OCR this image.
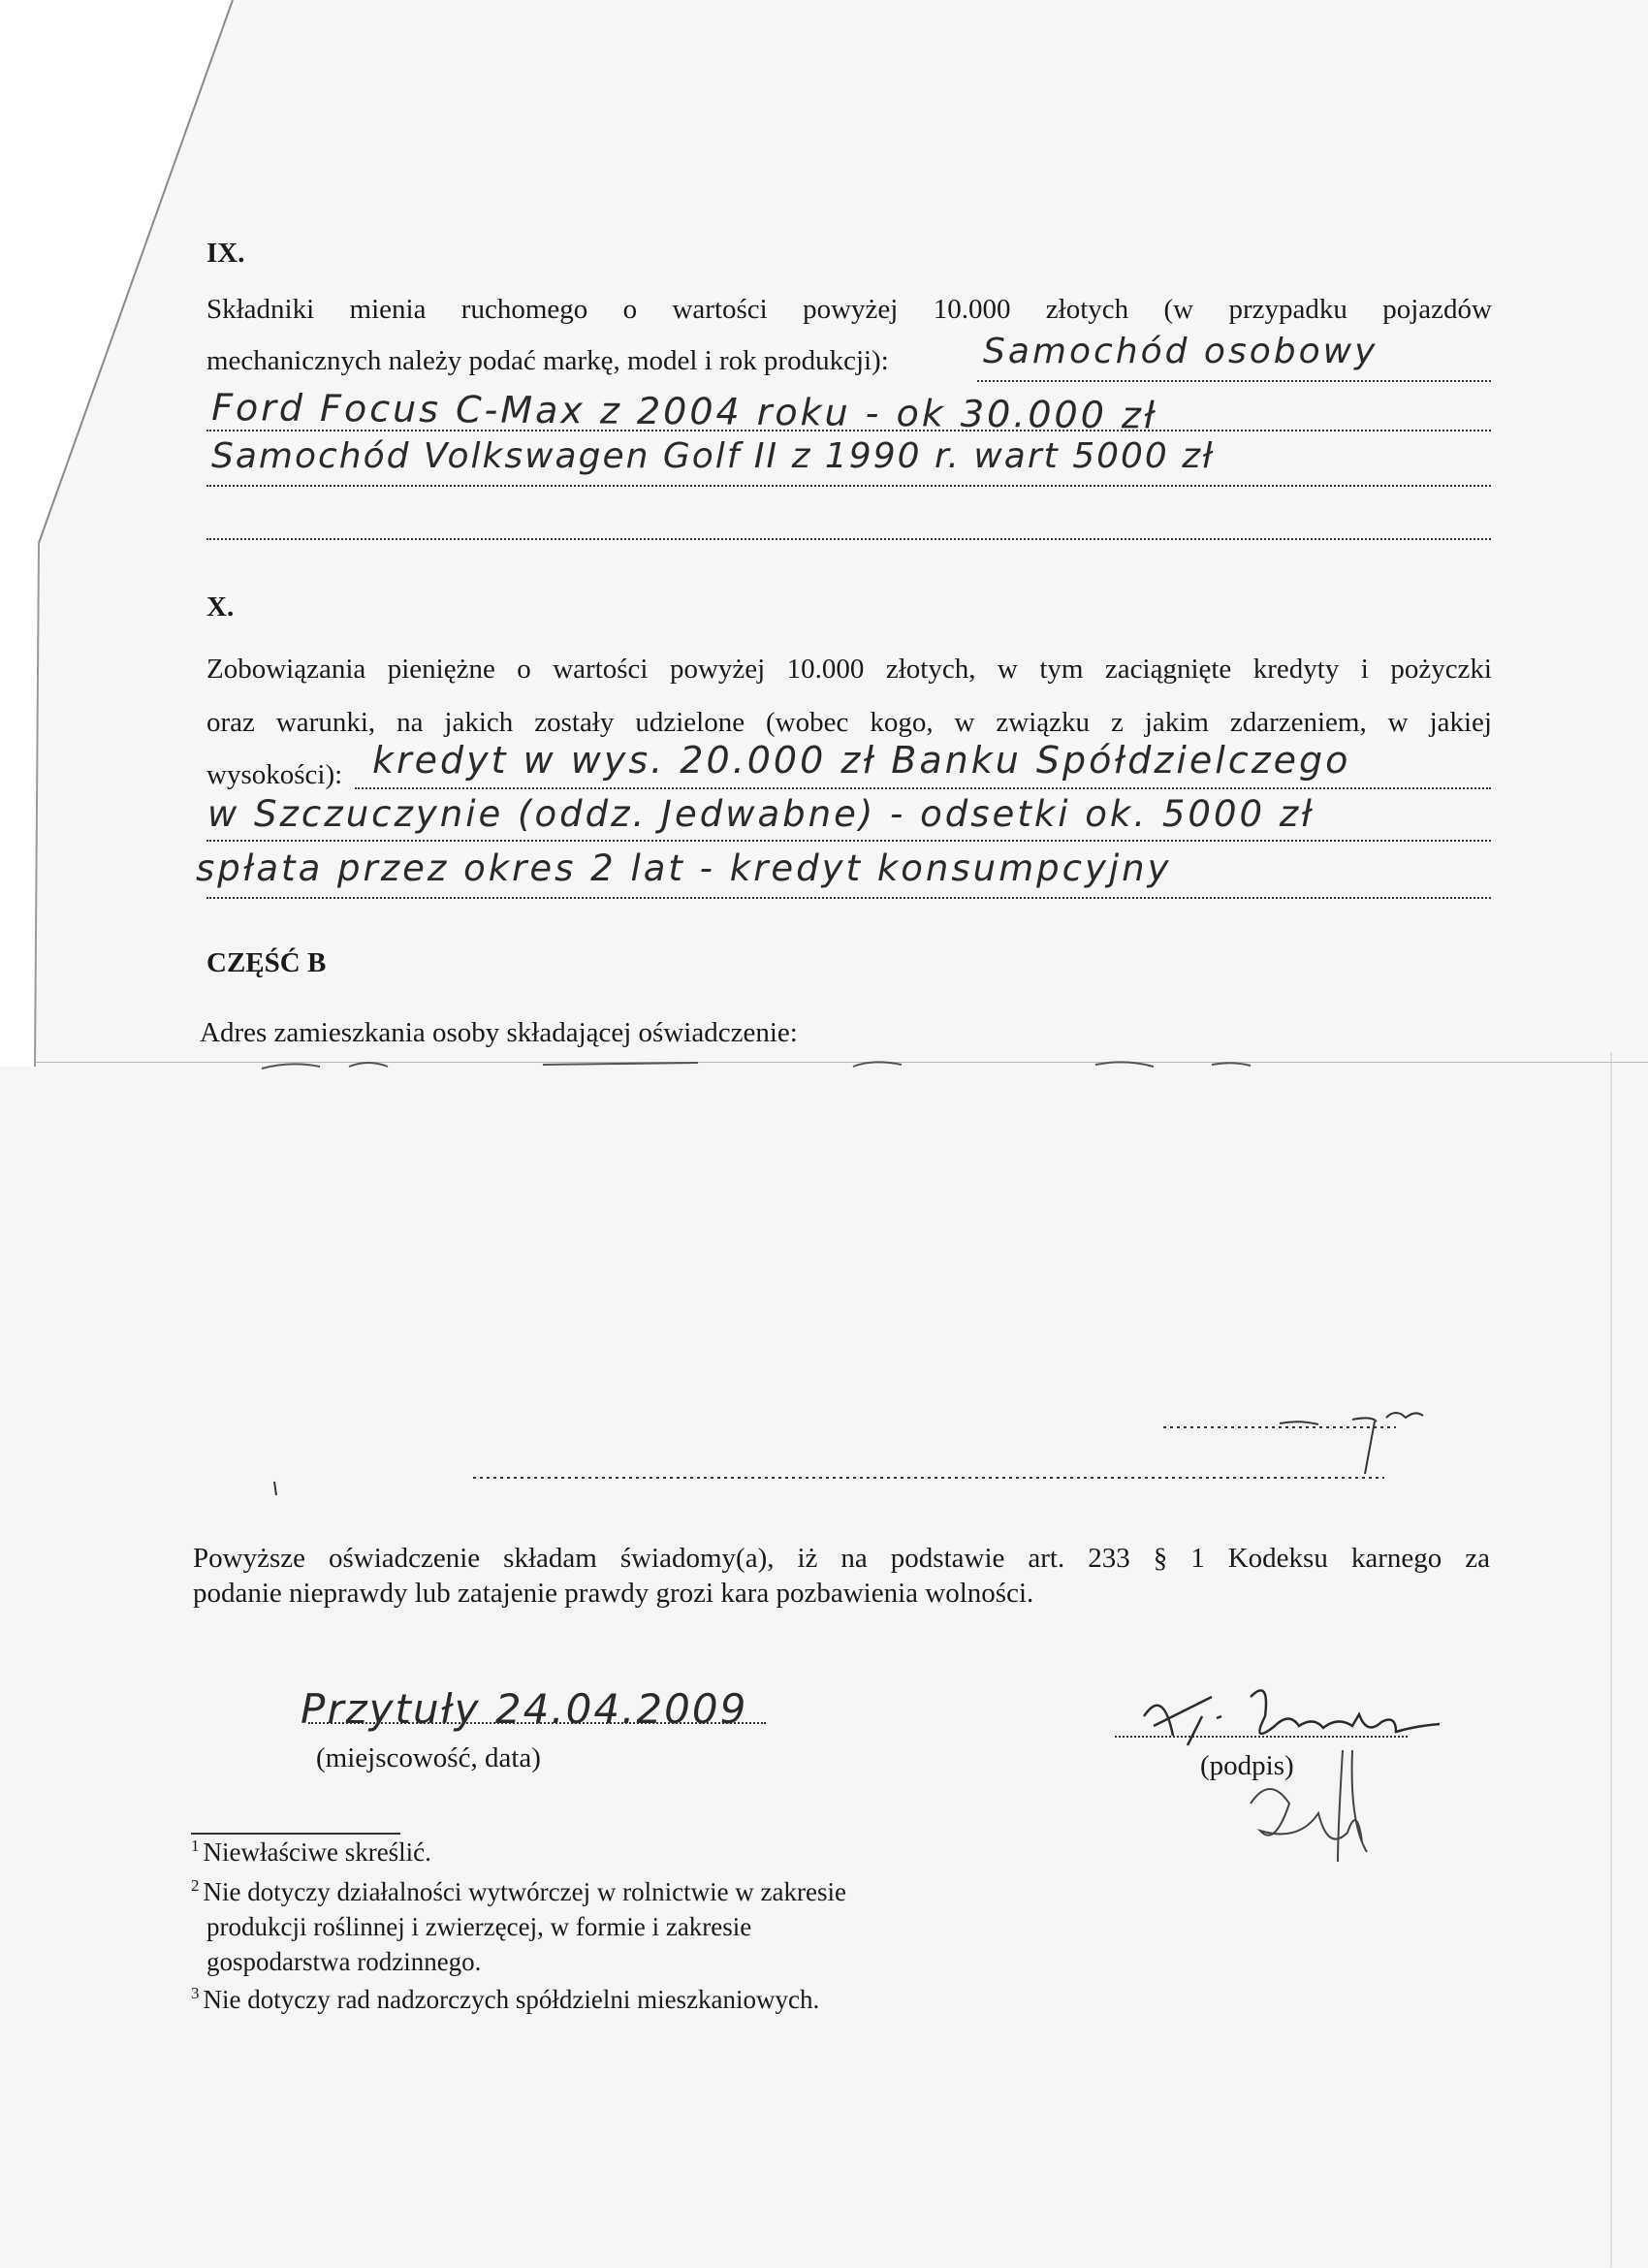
IX.
Składniki mienia ruchomego o wartości powyżej 10.000 złotych (w przypadku pojazdów
mechanicznych należy podać markę, model i rok produkcji):	Samochód osobowy
Ford Focus C-Max z 2004 roku - ok 30.000 zł
Samochód Volkswagen Golf II z 1990 r. wart 5000 zł
X.
Zobowiązania pieniężne o wartości powyżej 10.000 złotych, w tym zaciągnięte kredyty i pożyczki
oraz warunki, na jakich zostały udzielone (wobec kogo, w związku z jakim zdarzeniem, w jakiej
wysokości): kredyt w wys. 20.000 zł Banku Spółdzielczego
w Szczuczynie (oddz. Jedwabne) - odsetki ok. 5000 zł
spłata przez okres 2 lat - kredyt konsumpcyjny
CZĘŚĆ B
Adres zamieszkania osoby składającej oświadczenie:
Powyższe oświadczenie składam świadomy(a), iż na podstawie art. 233 § 1 Kodeksu karnego za
podanie nieprawdy lub zatajenie prawdy grozi kara pozbawienia wolności.
Przytuły 24.04.2009
(miejscowość, data)	(podpis)
$^1$ Niewłaściwe skreślić.
$^2$ Nie dotyczy działalności wytwórczej w rolnictwie w zakresie
produkcji roślinnej i zwierzęcej, w formie i zakresie
gospodarstwa rodzinnego.
$^3$ Nie dotyczy rad nadzorczych spółdzielni mieszkaniowych.
